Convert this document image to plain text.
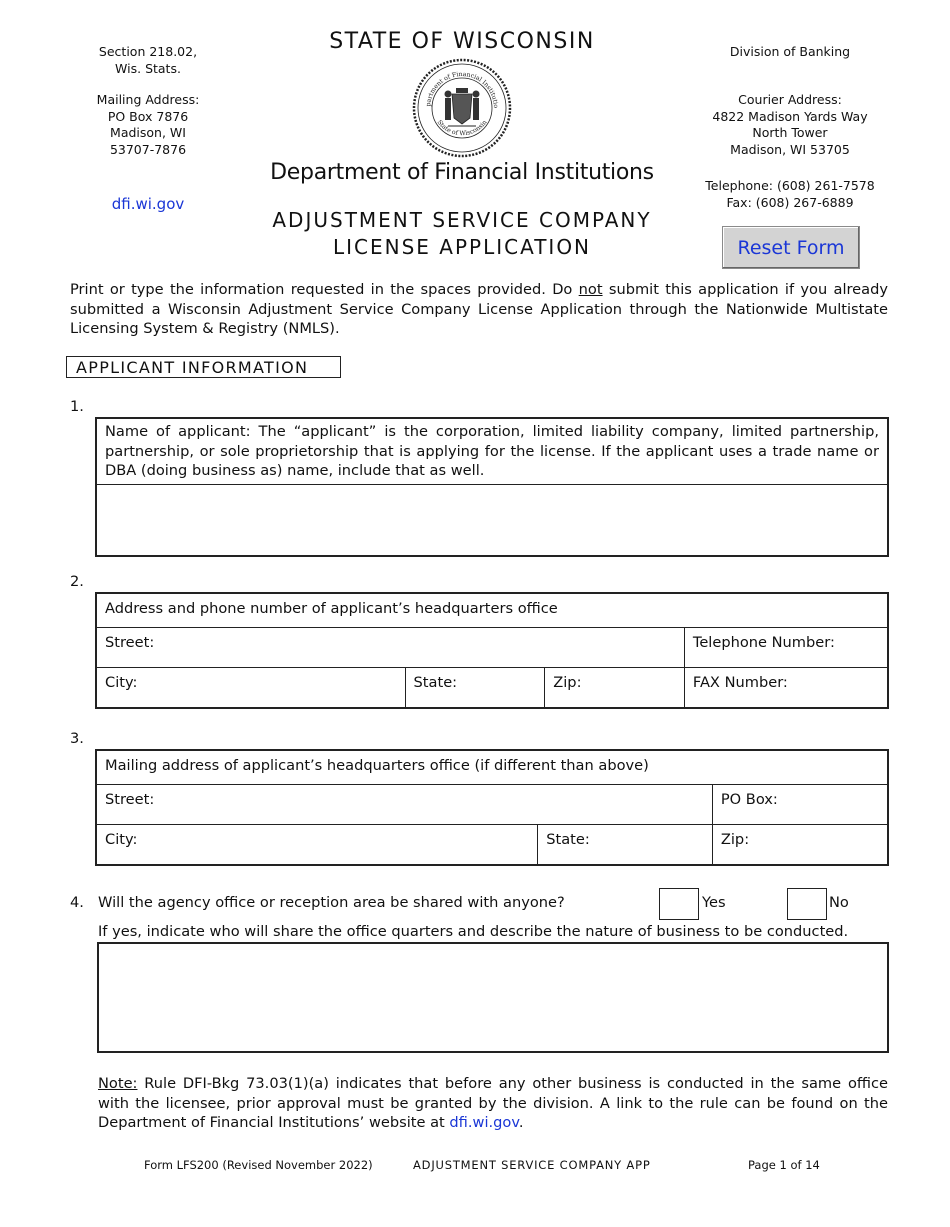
Section 218.02,
Wis. Stats.
Mailing Address:
PO Box 7876
Madison, WI
53707-7876
dfi.wi.gov
STATE OF WISCONSIN
partment of Financial Institutio
State of Wisconsin
Department of Financial Institutions
ADJUSTMENT SERVICE COMPANY
LICENSE APPLICATION
Division of Banking
Courier Address:
4822 Madison Yards Way
North Tower
Madison, WI 53705
Telephone: (608) 261-7578
Fax: (608) 267-6889
Reset Form
Print or type the information requested in the spaces provided. Do not submit this application if you already submitted a Wisconsin Adjustment Service Company License Application through the Nationwide Multistate Licensing System & Registry (NMLS).
APPLICANT INFORMATION
1.
Name of applicant: The “applicant” is the corporation, limited liability company, limited partnership, partnership, or sole proprietorship that is applying for the license. If the applicant uses a trade name or DBA (doing business as) name, include that as well.

2.
Address and phone number of applicant’s headquarters office			
Street:			Telephone Number:
City:	State:	Zip:	FAX Number:
3.
Mailing address of applicant’s headquarters office (if different than above)		
Street:		PO Box:
City:	State:	Zip:
4. Will the agency office or reception area be shared with anyone?	Yes	No
If yes, indicate who will share the office quarters and describe the nature of business to be conducted.
Note: Rule DFI-Bkg 73.03(1)(a) indicates that before any other business is conducted in the same office with the licensee, prior approval must be granted by the division. A link to the rule can be found on the Department of Financial Institutions’ website at dfi.wi.gov.
Form LFS200 (Revised November 2022)	ADJUSTMENT SERVICE COMPANY APP	Page 1 of 14
